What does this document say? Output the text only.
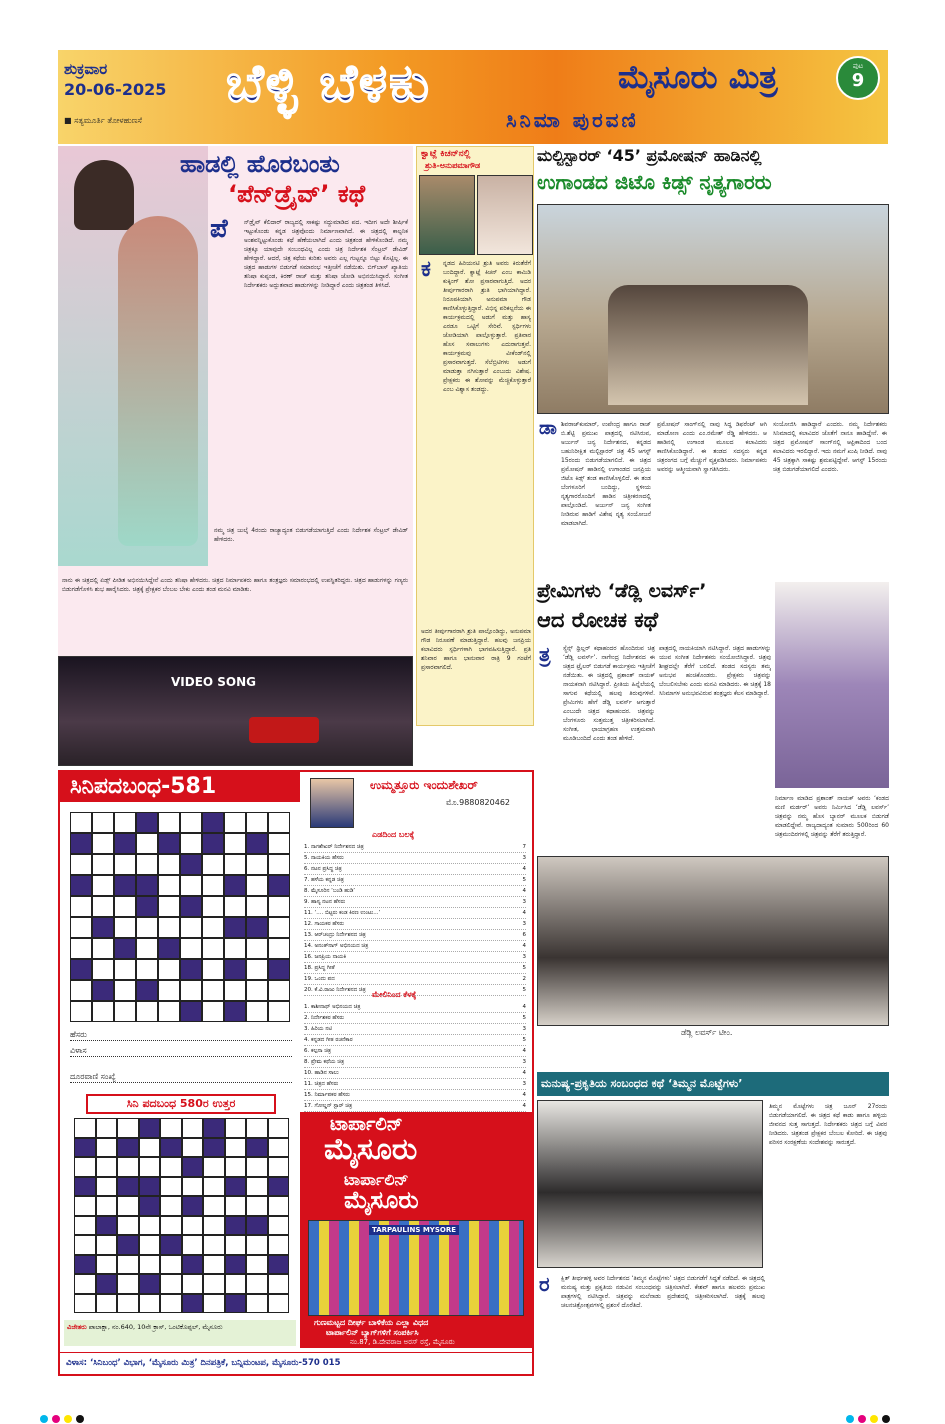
ಶುಕ್ರವಾರ
20-06-2025
■ ಸತ್ಯಮೂರ್ತಿ ತೋಳಹುಣಸೆ
ಬೆಳ್ಳಿ ಬೆಳಕು
ಸಿನಿಮಾ ಪುರವಣಿ
ಮೈಸೂರು ಮಿತ್ರ	ಪುಟ
9
ಹಾಡಲ್ಲಿ ಹೊರಬಂತು
‘ಪೆನ್‌ಡ್ರೈವ್’ ಕಥೆ
ಪೆ	ನ್‌ಡ್ರೈವ್ ಕೆಲಿದಾರ್ ರಾಜ್ಯದಲ್ಲಿ ಸಾಕಷ್ಟು ಸದ್ದುಮಾಡಿದ ಪದ. ಇದೀಗ ಅದೇ ಶೀರ್ಷಿಕೆ ಇಟ್ಟುಕೊಂಡು ಕನ್ನಡ ಚಿತ್ರವೊಂದು ನಿರ್ಮಾಣವಾಗಿದೆ. ಈ ಚಿತ್ರದಲ್ಲಿ ಕಾಲ್ಪನಿಕ ಅಂಶವನ್ನಿಟ್ಟುಕೊಂಡು ಕಥೆ ಹೆಣೆಯಲಾಗಿದೆ ಎಂದು ಚಿತ್ರತಂಡ ಹೇಳಿಕೊಂಡಿದೆ. ನಮ್ಮ ಚಿತ್ರಕ್ಕೂ ಯಾವುದೇ ಸಂಬಂಧವಿಲ್ಲ ಎಂದು ಚಿತ್ರ ನಿರ್ದೇಶಕ ಸೆಂಟ್ರಲ್ ಡೇವಿಡ್ ಹೇಳಿದ್ದಾರೆ. ಆದರೆ, ಚಿತ್ರ ಕಥೆಯ ಕುರಿತು ಅವರು ಎಲ್ಲ ಗುಟ್ಟನ್ನೂ ಬಿಟ್ಟು ಕೊಟ್ಟಿಲ್ಲ. ಈ ಚಿತ್ರದ ಹಾಡುಗಳ ಬಿಡುಗಡೆ ಸಮಾರಂಭ ಇತ್ತೀಚೆಗೆ ನಡೆಯಿತು. ಬಿಗ್‌ಬಾಸ್ ಖ್ಯಾತಿಯ ತನಿಷಾ ಕುಪ್ಪಂಡ, ಕಿರಣ್ ರಾಜ್ ಮತ್ತು ತನಿಷಾ ಜೋಡಿ ಅಭಿನಯಿಸಿದ್ದಾರೆ. ಸಂಗೀತ ನಿರ್ದೇಶಕರು ಅದ್ಭುತವಾದ ಹಾಡುಗಳನ್ನು ನೀಡಿದ್ದಾರೆ ಎಂದು ಚಿತ್ರತಂಡ ತಿಳಿಸಿದೆ.
ನಮ್ಮ ಚಿತ್ರ ಜುಲೈ 4ರಂದು ರಾಜ್ಯಾದ್ಯಂತ ಬಿಡುಗಡೆಯಾಗುತ್ತಿದೆ ಎಂದು ನಿರ್ದೇಶಕ ಸೆಂಟ್ರಲ್ ಡೇವಿಡ್ ಹೇಳಿದರು.
ನಾನು ಈ ಚಿತ್ರದಲ್ಲಿ ಏಡ್ಸ್ ಪೀಡಿತ ಅಭಿನಯಿಸಿದ್ದೇನೆ ಎಂದು ತನಿಷಾ ಹೇಳಿದರು. ಚಿತ್ರದ ನಿರ್ಮಾಪಕರು ಹಾಗೂ ತಂತ್ರಜ್ಞರು ಸಮಾರಂಭದಲ್ಲಿ ಉಪಸ್ಥಿತರಿದ್ದರು. ಚಿತ್ರದ ಹಾಡುಗಳನ್ನು ಗಣ್ಯರು ಬಿಡುಗಡೆಗೊಳಿಸಿ ಶುಭ ಹಾರೈಸಿದರು. ಚಿತ್ರಕ್ಕೆ ಪ್ರೇಕ್ಷಕರ ಬೆಂಬಲ ಬೇಕು ಎಂದು ತಂಡ ಮನವಿ ಮಾಡಿತು.
VIDEO SONG
ಕ್ವಾಟ್ಲೆ ಕಿಚನ್‌ನಲ್ಲಿ
ಶ್ರುತಿ-ಅನುಪಮಾಗೌಡ
ಕ ನ್ನಡದ ಹಿರಿಯನಟಿ ಶ್ರುತಿ ಅವರು ಕಿರುತೆರೆಗೆ ಬಂದಿದ್ದಾರೆ. ಕ್ವಾಟ್ಲೆ ಕಿಚನ್ ಎಂಬ ಕಾಮಿಡಿ ಕುಕ್ಕಿಂಗ್ ಶೋ ಪ್ರಸಾರವಾಗುತ್ತಿದೆ. ಅದರ ತೀರ್ಪುಗಾರರಾಗಿ ಶ್ರುತಿ ಭಾಗಿಯಾಗಿದ್ದಾರೆ. ನಿರೂಪಕಿಯಾಗಿ ಅನುಪಮಾ ಗೌಡ ಕಾಣಿಸಿಕೊಳ್ಳುತ್ತಿದ್ದಾರೆ. ವಿಭಿನ್ನ ಪರಿಕಲ್ಪನೆಯ ಈ ಕಾರ್ಯಕ್ರಮದಲ್ಲಿ ಅಡುಗೆ ಮತ್ತು ಹಾಸ್ಯ ಎರಡೂ ಒಟ್ಟಿಗೆ ಸೇರಿವೆ. ಸ್ಪರ್ಧಿಗಳು ಜೋಡಿಯಾಗಿ ಪಾಲ್ಗೊಳ್ಳುತ್ತಾರೆ. ಪ್ರತಿವಾರ ಹೊಸ ಸವಾಲುಗಳು ಎದುರಾಗುತ್ತವೆ. ಕಾರ್ಯಕ್ರಮವು ವೀಕೆಂಡ್‌ನಲ್ಲಿ ಪ್ರಸಾರವಾಗುತ್ತದೆ. ಸೆಲೆಬ್ರಿಟಿಗಳು ಅಡುಗೆ ಮಾಡುತ್ತಾ ನಗಿಸುತ್ತಾರೆ ಎಂಬುದು ವಿಶೇಷ. ಪ್ರೇಕ್ಷಕರು ಈ ಶೋವನ್ನು ಮೆಚ್ಚಿಕೊಳ್ಳುತ್ತಾರೆ ಎಂಬ ವಿಶ್ವಾಸ ತಂಡದ್ದು.
ಅದರ ತೀರ್ಪುಗಾರರಾಗಿ ಶ್ರುತಿ ಪಾಲ್ಗೊಂಡಿದ್ದು, ಅನುಪಮಾ ಗೌಡ ನಿರೂಪಣೆ ಮಾಡುತ್ತಿದ್ದಾರೆ. ಹಲವು ಜನಪ್ರಿಯ ಕಲಾವಿದರು ಸ್ಪರ್ಧಿಗಳಾಗಿ ಭಾಗವಹಿಸುತ್ತಿದ್ದಾರೆ. ಪ್ರತಿ ಶನಿವಾರ ಹಾಗೂ ಭಾನುವಾರ ರಾತ್ರಿ 9 ಗಂಟೆಗೆ ಪ್ರಸಾರವಾಗಲಿದೆ.
ಮಲ್ಟಿಸ್ಟಾರರ್ ‘45’ ಪ್ರಮೋಷನ್ ಹಾಡಿನಲ್ಲಿ
ಉಗಾಂಡದ ಜಿಟೊ ಕಿಡ್ಸ್ ನೃತ್ಯಗಾರರು
ಡಾ ಶಿವರಾಜ್‌ಕುಮಾರ್, ಉಪೇಂದ್ರ ಹಾಗೂ ರಾಜ್ ಬಿ.ಶೆಟ್ಟಿ ಪ್ರಮುಖ ಪಾತ್ರದಲ್ಲಿ ನಟಿಸಿರುವ, ಅರ್ಜುನ್ ಜನ್ಯ ನಿರ್ದೇಶನದ, ಕನ್ನಡದ ಬಹುನಿರೀಕ್ಷಿತ ಮಲ್ಟಿಸ್ಟಾರರ್ ಚಿತ್ರ 45 ಆಗಸ್ಟ್ 15ರಂದು ಬಿಡುಗಡೆಯಾಗಲಿದೆ. ಈ ಚಿತ್ರದ ಪ್ರಮೋಷನ್ ಹಾಡಿನಲ್ಲಿ ಉಗಾಂಡದ ಜನಪ್ರಿಯ ಜಿಟೊ ಕಿಡ್ಸ್ ತಂಡ ಕಾಣಿಸಿಕೊಳ್ಳಲಿದೆ. ಈ ತಂಡ ಬೆಂಗಳೂರಿಗೆ ಬಂದಿದ್ದು, ಸ್ಥಳೀಯ ನೃತ್ಯಗಾರರೊಂದಿಗೆ ಹಾಡಿನ ಚಿತ್ರೀಕರಣದಲ್ಲಿ ಪಾಲ್ಗೊಂಡಿದೆ. ಅರ್ಜುನ್ ಜನ್ಯ ಸಂಗೀತ ನೀಡಿರುವ ಹಾಡಿಗೆ ವಿಶೇಷ ನೃತ್ಯ ಸಂಯೋಜನೆ ಮಾಡಲಾಗಿದೆ.
ಪ್ರಮೋಷನ್ ಸಾಂಗ್‌ನಲ್ಲಿ ನಾವು ಸಿದ್ಧ ಡಿಫರೆಂಟ್ ಆಗಿ ಮಾಡೋಣ ಎಂದು ಎಂ.ರಮೇಶ್ ರೆಡ್ಡಿ ಹೇಳಿದರು. ಆ ಹಾಡಿನಲ್ಲಿ ಉಗಾಂಡ ಮೂಲದ ಕಲಾವಿದರು ಕಾಣಿಸಿಕೊಂಡಿದ್ದಾರೆ. ಈ ತಂಡದ ಸದಸ್ಯರು ಕನ್ನಡ ಚಿತ್ರರಂಗದ ಬಗ್ಗೆ ಮೆಚ್ಚುಗೆ ವ್ಯಕ್ತಪಡಿಸಿದರು. ನಿರ್ಮಾಪಕರು ಅವರನ್ನು ಆತ್ಮೀಯವಾಗಿ ಸ್ವಾಗತಿಸಿದರು.
ಸಂಯೋಜಿಸಿ ಹಾಡಿದ್ದಾರೆ ಎಂದರು. ನಮ್ಮ ನಿರ್ದೇಶಕರು ಸಿನಿಮಾದಲ್ಲಿ ಕಲಾವಿದರ ಜೊತೆಗೆ ನಾನೂ ಹಾಡಿದ್ದೇನೆ. ಈ ಚಿತ್ರದ ಪ್ರಮೋಷನ್ ಸಾಂಗ್‌ನಲ್ಲಿ ಆಫ್ರಿಕಾದಿಂದ ಬಂದ ಕಲಾವಿದರು ಇರಲಿದ್ದಾರೆ. ಇದು ನಮಗೆ ಖುಷಿ ನೀಡಿದೆ. ನಾವು 45 ಚಿತ್ರಕ್ಕಾಗಿ ಸಾಕಷ್ಟು ಶ್ರಮಪಟ್ಟಿದ್ದೇವೆ. ಆಗಸ್ಟ್ 15ರಂದು ಚಿತ್ರ ಬಿಡುಗಡೆಯಾಗಲಿದೆ ಎಂದರು.
ಪ್ರೇಮಿಗಳು ‘ಡೆಡ್ಲಿ ಲವರ್ಸ್’
ಆದ ರೋಚಕ ಕಥೆ
ತ್ರ ಸ್ಸ್ಪೆನ್ಸ್ ಥ್ರಿಲ್ಲರ್ ಕಥಾಹಂದರ ಹೊಂದಿರುವ ಚಿತ್ರ ‘ಡೆಡ್ಲಿ ಲವರ್ಸ್’. ನಾಗೇಂದ್ರ ನಿರ್ದೇಶನದ ಈ ಚಿತ್ರದ ಟ್ರೈಲರ್ ಬಿಡುಗಡೆ ಕಾರ್ಯಕ್ರಮ ಇತ್ತೀಚೆಗೆ ನಡೆಯಿತು. ಈ ಚಿತ್ರದಲ್ಲಿ ಪ್ರಶಾಂತ್ ನಾಯಕ್ ನಾಯಕನಾಗಿ ನಟಿಸಿದ್ದಾರೆ. ಪ್ರೀತಿಯ ಹಿನ್ನೆಲೆಯಲ್ಲಿ ಸಾಗುವ ಕಥೆಯಲ್ಲಿ ಹಲವು ತಿರುವುಗಳಿವೆ. ಪ್ರೇಮಿಗಳು ಹೇಗೆ ಡೆಡ್ಲಿ ಲವರ್ಸ್ ಆಗುತ್ತಾರೆ ಎಂಬುದೇ ಚಿತ್ರದ ಕಥಾಹಂದರ. ಚಿತ್ರವನ್ನು ಬೆಂಗಳೂರು ಸುತ್ತಮುತ್ತ ಚಿತ್ರೀಕರಿಸಲಾಗಿದೆ. ಸಂಗೀತ, ಛಾಯಾಗ್ರಹಣ ಉತ್ತಮವಾಗಿ ಮೂಡಿಬಂದಿದೆ ಎಂದು ತಂಡ ಹೇಳಿದೆ.
ಪಾತ್ರದಲ್ಲಿ ನಾಯಕಿಯಾಗಿ ನಟಿಸಿದ್ದಾರೆ. ಚಿತ್ರದ ಹಾಡುಗಳನ್ನು ಯುವ ಸಂಗೀತ ನಿರ್ದೇಶಕರು ಸಂಯೋಜಿಸಿದ್ದಾರೆ. ಚಿತ್ರವು ಶೀಘ್ರದಲ್ಲೇ ತೆರೆಗೆ ಬರಲಿದೆ. ತಂಡದ ಸದಸ್ಯರು ತಮ್ಮ ಅನುಭವ ಹಂಚಿಕೊಂಡರು. ಪ್ರೇಕ್ಷಕರು ಚಿತ್ರವನ್ನು ಬೆಂಬಲಿಸಬೇಕು ಎಂದು ಮನವಿ ಮಾಡಿದರು. ಈ ಚಿತ್ರಕ್ಕೆ 18 ಸಿನಿಮಾಗಳ ಅನುಭವವಿರುವ ತಂತ್ರಜ್ಞರು ಕೆಲಸ ಮಾಡಿದ್ದಾರೆ.
ನಿರ್ಮಾಣ ಮಾಡಿದ ಪ್ರಶಾಂತ್ ನಾಯಕ್ ಅವರು ‘ಕಂಡದ ಮಣಿ ಮರ್ಡರ್’ ಅವರು ನಿರ್ಮಿಸಿದ ‘ಡೆಡ್ಲಿ ಲವರ್ಸ್’ ಚಿತ್ರವನ್ನು ನಮ್ಮ ಹೊಸ ಬ್ಯಾನರ್ ಮೂಲಕ ಬಿಡುಗಡೆ ಮಾಡಲಿದ್ದೇವೆ. ರಾಜ್ಯದಾದ್ಯಂತ ಸುಮಾರು 500ರಿಂದ 60 ಚಿತ್ರಮಂದಿರಗಳಲ್ಲಿ ಚಿತ್ರವನ್ನು ತೆರೆಗೆ ತರುತ್ತಿದ್ದಾರೆ.
ಡೆಡ್ಲಿ ಲವರ್ಸ್ ಟೀಂ.
ಮನುಷ್ಯ-ಪ್ರಕೃತಿಯ ಸಂಬಂಧದ ಕಥೆ ‘ತಿಮ್ಮನ ಮೊಟ್ಟೆಗಳು’
ತಿಮ್ಮನ ಮೊಟ್ಟೆಗಳು ಚಿತ್ರ ಜೂನ್ 27ರಂದು ಬಿಡುಗಡೆಯಾಗಲಿದೆ. ಈ ಚಿತ್ರದ ಕಥೆ ಕಾಡು ಹಾಗೂ ಹಳ್ಳಿಯ ಜೀವನದ ಸುತ್ತ ಸಾಗುತ್ತದೆ. ನಿರ್ದೇಶಕರು ಚಿತ್ರದ ಬಗ್ಗೆ ವಿವರ ನೀಡಿದರು. ಚಿತ್ರತಂಡ ಪ್ರೇಕ್ಷಕರ ಬೆಂಬಲ ಕೋರಿದೆ. ಈ ಚಿತ್ರವು ಪರಿಸರ ಸಂರಕ್ಷಣೆಯ ಸಂದೇಶವನ್ನು ಸಾರುತ್ತದೆ.
ರ ಕ್ಷಿತ್ ತೀರ್ಥಹಳ್ಳಿ ಅವರ ನಿರ್ದೇಶನದ ‘ತಿಮ್ಮನ ಮೊಟ್ಟೆಗಳು’ ಚಿತ್ರದ ಬಿಡುಗಡೆಗೆ ಸಿದ್ಧತೆ ನಡೆದಿದೆ. ಈ ಚಿತ್ರದಲ್ಲಿ ಮನುಷ್ಯ ಮತ್ತು ಪ್ರಕೃತಿಯ ನಡುವಿನ ಸಂಬಂಧವನ್ನು ಚಿತ್ರಿಸಲಾಗಿದೆ. ಕೇಶವ್ ಹಾಗೂ ಹಲವರು ಪ್ರಮುಖ ಪಾತ್ರಗಳಲ್ಲಿ ನಟಿಸಿದ್ದಾರೆ. ಚಿತ್ರವನ್ನು ಮಲೆನಾಡು ಪ್ರದೇಶದಲ್ಲಿ ಚಿತ್ರೀಕರಿಸಲಾಗಿದೆ. ಚಿತ್ರಕ್ಕೆ ಹಲವು ಚಲನಚಿತ್ರೋತ್ಸವಗಳಲ್ಲಿ ಪ್ರಶಂಸೆ ದೊರೆತಿದೆ.
ಸಿನಿಪದಬಂಧ-581
ಹೆಸರು
ವಿಳಾಸ
ದೂರವಾಣಿ ಸಂಖ್ಯೆ
ಉಮ್ಮತ್ತೂರು ಇಂದುಶೇಖರ್
ಮೊ.9880820462
ಎಡದಿಂದ ಬಲಕ್ಕೆ
1. ನಾಗಶೇಖರ್ ನಿರ್ದೇಶನದ ಚಿತ್ರ	7
5. ನಾಯಕಿಯ ಹೆಸರು	3
6. ನಟನ ಪ್ರಸಿದ್ಧ ಚಿತ್ರ	4
7. ಹಳೆಯ ಕನ್ನಡ ಚಿತ್ರ	5
8. ಮೈಸೂರಿನ ‘ಬಂಡಿ ಹುಡಿ’	4
9. ಹಾಸ್ಯ ನಟನ ಹೆಸರು	3
11. ‘.... ಬಿಟ್ಟರು ಕಂಡ ಕಿರಣ ಉಂಟು...’	4
12. ಗಾಯಕರ ಹೆಸರು	3
13. ಆರ್‌ಚಂದ್ರು ನಿರ್ದೇಶನದ ಚಿತ್ರ	6
14. ಅನಂತ್‌ನಾಗ್ ಅಭಿನಯದ ಚಿತ್ರ	4
16. ಜನಪ್ರಿಯ ನಾಯಕಿ	3
18. ಪ್ರಸಿದ್ಧ ಗೀತೆ	5
19. ಒಂದು ಪದ	2
20. ಕೆ.ವಿ.ರಾಜು ನಿರ್ದೇಶನದ ಚಿತ್ರ	5
ಮೇಲಿನಿಂದ ಕೆಳಕ್ಕೆ
1. ಕಾಶೀನಾಥ್ ಅಭಿನಯದ ಚಿತ್ರ	4
2. ನಿರ್ದೇಶಕರ ಹೆಸರು	5
3. ಹಿರಿಯ ನಟಿ	3
4. ಕನ್ನಡದ ಗೀತ ರಚನೆಕಾರ	5
6. ಕಲ್ಪನಾ ಚಿತ್ರ	4
8. ಪ್ರೇಮ ಕಥೆಯ ಚಿತ್ರ	3
10. ಹಾಡಿನ ಸಾಲು	4
11. ಚಿತ್ರದ ಹೆಸರು	3
15. ನಿರ್ಮಾಪಕರ ಹೆಸರು	4
17. ಗೋಲ್ಡನ್ ಸ್ಟಾರ್ ಚಿತ್ರ	4
ಸಿನಿ ಪದಬಂಧ 580ರ ಉತ್ತರ
ವಿಜೇತರು ಪಾಲಾಕ್ಷಾ, ನಂ.640, 10ನೇ ಕ್ರಾಸ್, ಒಂಟಿಕೊಪ್ಪಲ್, ಮೈಸೂರು
ಟಾರ್ಪಾಲಿನ್
ಮೈಸೂರು
ಟಾರ್ಪಾಲಿನ್
ಮೈಸೂರು
TARPAULINS MYSORE
ಗುಣಮಟ್ಟದ ದೀರ್ಘ ಬಾಳಿಕೆಯ ಎಲ್ಲಾ ವಿಧದ
ಟಾರ್ಪಾಲಿನ್ ಬ್ಯಾಗ್‌ಗಳಿಗೆ ಸಂಪರ್ಕಿಸಿ
ನಂ.87, ಡಿ.ದೇವರಾಜ ಅರಸ್ ರಸ್ತೆ, ಮೈಸೂರು
ವಿಳಾಸ: ‘ಸಿನಿಬಂಧ’ ವಿಭಾಗ, ‘ಮೈಸೂರು ಮಿತ್ರ’ ದಿನಪತ್ರಿಕೆ, ಬನ್ನಿಮಂಟಪ, ಮೈಸೂರು-570 015
